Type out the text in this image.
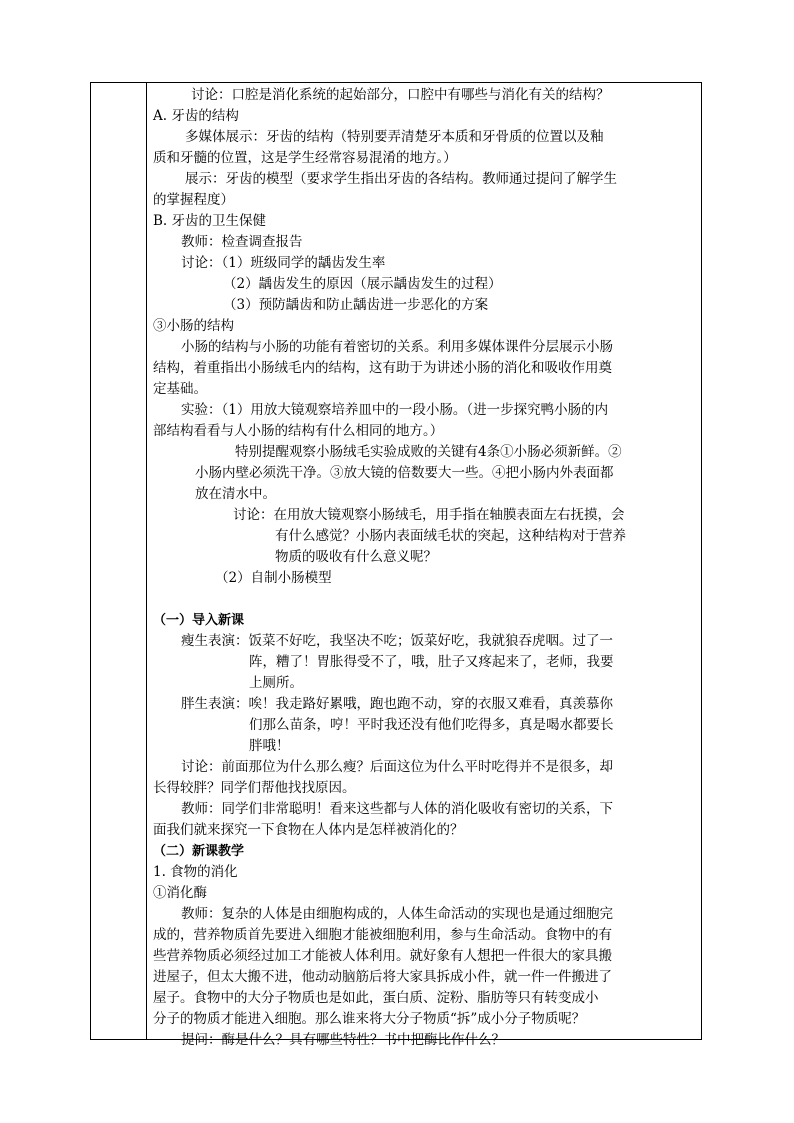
讨论：口腔是消化系统的起始部分，口腔中有哪些与消化有关的结构？

A. 牙齿的结构

多媒体展示：牙齿的结构（特别要弄清楚牙本质和牙骨质的位置以及釉

质和牙髓的位置，这是学生经常容易混淆的地方。）

展示：牙齿的模型（要求学生指出牙齿的各结构。教师通过提问了解学生

的掌握程度）

B. 牙齿的卫生保健

教师：检查调查报告

讨论：（1）班级同学的龋齿发生率

（2）龋齿发生的原因（展示龋齿发生的过程）

（3）预防龋齿和防止龋齿进一步恶化的方案

③小肠的结构

小肠的结构与小肠的功能有着密切的关系。利用多媒体课件分层展示小肠

结构，着重指出小肠绒毛内的结构，这有助于为讲述小肠的消化和吸收作用奠

定基础。

实验：（1）用放大镜观察培养皿中的一段小肠。（进一步探究鸭小肠的内

部结构看看与人小肠的结构有什么相同的地方。）

特别提醒观察小肠绒毛实验成败的关键有4条①小肠必须新鲜。②

小肠内壁必须洗干净。③放大镜的倍数要大一些。④把小肠内外表面都

放在清水中。

讨论：在用放大镜观察小肠绒毛，用手指在轴膜表面左右抚摸，会

有什么感觉？小肠内表面绒毛状的突起，这种结构对于营养

物质的吸收有什么意义呢？

（2）自制小肠模型

（一）导入新课

瘦生表演：饭菜不好吃，我坚决不吃；饭菜好吃，我就狼吞虎咽。过了一

阵，糟了！胃胀得受不了，哦，肚子又疼起来了，老师，我要

上厕所。

胖生表演：唉！我走路好累哦，跑也跑不动，穿的衣服又难看，真羡慕你

们那么苗条，哼！平时我还没有他们吃得多，真是喝水都要长

胖哦！

讨论：前面那位为什么那么瘦？后面这位为什么平时吃得并不是很多，却

长得较胖？同学们帮他找找原因。

教师：同学们非常聪明！看来这些都与人体的消化吸收有密切的关系，下

面我们就来探究一下食物在人体内是怎样被消化的？

（二）新课教学

1. 食物的消化

①消化酶

教师：复杂的人体是由细胞构成的，人体生命活动的实现也是通过细胞完

成的，营养物质首先要进入细胞才能被细胞利用，参与生命活动。食物中的有

些营养物质必须经过加工才能被人体利用。就好象有人想把一件很大的家具搬

进屋子，但太大搬不进，他动动脑筋后将大家具拆成小件，就一件一件搬进了

屋子。食物中的大分子物质也是如此，蛋白质、淀粉、脂肪等只有转变成小

分子的物质才能进入细胞。那么谁来将大分子物质“拆”成小分子物质呢？

提问：酶是什么？具有哪些特性？书中把酶比作什么？
